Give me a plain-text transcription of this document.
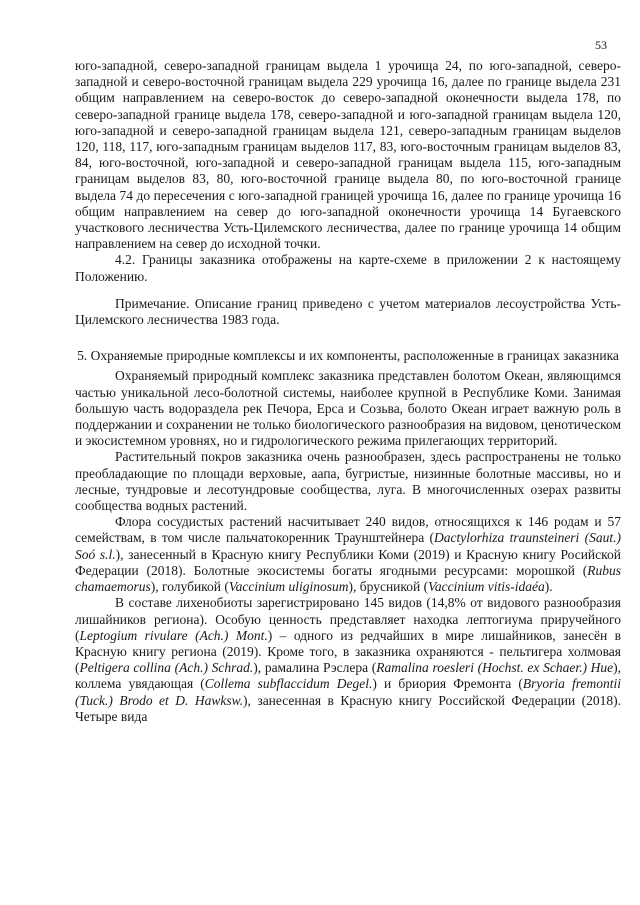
53

юго-западной, северо-западной границам выдела 1 урочища 24, по юго-западной, северо-западной и северо-восточной границам выдела 229 урочища 16, далее по границе выдела 231 общим направлением на северо-восток до северо-западной оконечности выдела 178, по северо-западной границе выдела 178, северо-западной и юго-западной границам выдела 120, юго-западной и северо-западной границам выдела 121, северо-западным границам выделов 120, 118, 117, юго-западным границам выделов 117, 83, юго-восточным границам выделов 83, 84, юго-восточной, юго-западной и северо-западной границам выдела 115, юго-западным границам выделов 83, 80, юго-восточной границе выдела 80, по юго-восточной границе выдела 74 до пересечения с юго-западной границей урочища 16, далее по границе урочища 16 общим направлением на север до юго-западной оконечности урочища 14 Бугаевского участкового лесничества Усть-Цилемского лесничества, далее по границе урочища 14 общим направлением на север до исходной точки.

4.2. Границы заказника отображены на карте-схеме в приложении 2 к настоящему Положению.

Примечание. Описание границ приведено с учетом материалов лесоустройства Усть-Цилемского лесничества 1983 года.

5. Охраняемые природные комплексы и их компоненты, расположенные в границах заказника

Охраняемый природный комплекс заказника представлен болотом Океан, являющимся частью уникальной лесо-болотной системы, наиболее крупной в Республике Коми. Занимая большую часть водораздела рек Печора, Ерса и Созьва, болото Океан играет важную роль в поддержании и сохранении не только биологического разнообразия на видовом, ценотическом и экосистемном уровнях, но и гидрологического режима прилегающих территорий.

Растительный покров заказника очень разнообразен, здесь распространены не только преобладающие по площади верховые, аапа, бугристые, низинные болотные массивы, но и лесные, тундровые и лесотундровые сообщества, луга. В многочисленных озерах развиты сообщества водных растений.

Флора сосудистых растений насчитывает 240 видов, относящихся к 146 родам и 57 семействам, в том числе пальчатокоренник Траунштейнера (Dactylorhiza traunsteineri (Saut.) Soó s.l.), занесенный в Красную книгу Республики Коми (2019) и Красную книгу Росийской Федерации (2018). Болотные экосистемы богаты ягодными ресурсами: морошкой (Rubus chamaemorus), голубикой (Vaccinium uliginosum), брусникой (Vaccinium vitis-idaéa).

В составе лихенобиоты зарегистрировано 145 видов (14,8% от видового разнообразия лишайников региона). Особую ценность представляет находка лептогиума приручейного (Leptogium rivulare (Ach.) Mont.) – одного из редчайших в мире лишайников, занесён в Красную книгу региона (2019). Кроме того, в заказника охраняются - пельтигера холмовая (Peltigera collina (Ach.) Schrad.), рамалина Рэслера (Ramalina roesleri (Hochst. ex Schaer.) Hue), коллема увядающая (Collema subflaccidum Degel.) и бриория Фремонта (Bryoria fremontii (Tuck.) Brodo et D. Hawksw.), занесенная в Красную книгу Российской Федерации (2018). Четыре вида
